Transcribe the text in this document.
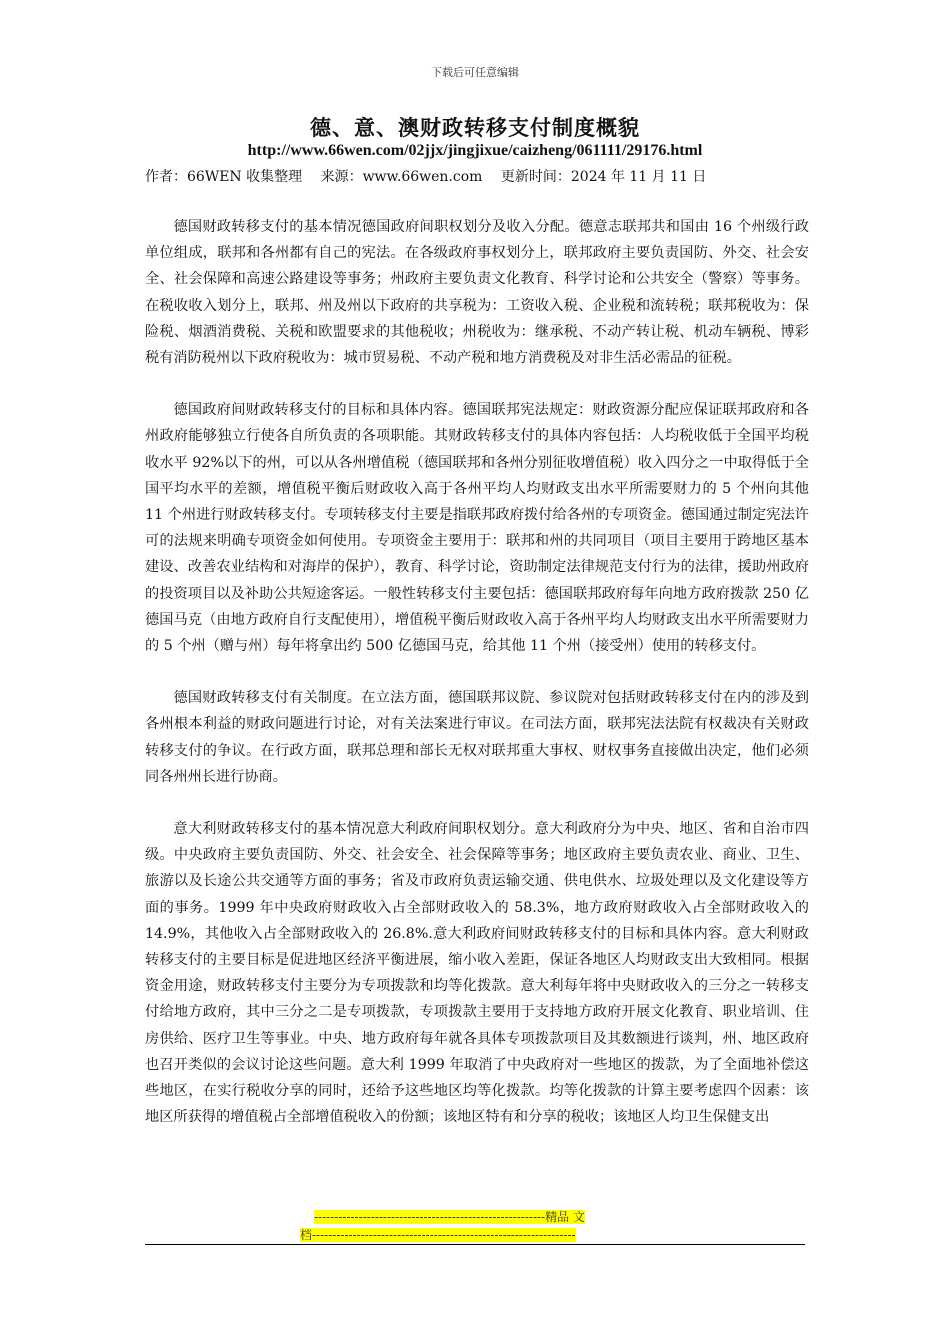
下载后可任意编辑
德、意、澳财政转移支付制度概貌
http://www.66wen.com/02jjx/jingjixue/caizheng/061111/29176.html
作者：66WEN 收集整理 来源：www.66wen.com 更新时间：2024 年 11 月 11 日

德国财政转移支付的基本情况德国政府间职权划分及收入分配。德意志联邦共和国由 16 个州级行政单位组成，联邦和各州都有自己的宪法。在各级政府事权划分上，联邦政府主要负责国防、外交、社会安全、社会保障和高速公路建设等事务；州政府主要负责文化教育、科学讨论和公共安全（警察）等事务。在税收收入划分上，联邦、州及州以下政府的共享税为：工资收入税、企业税和流转税；联邦税收为：保险税、烟酒消费税、关税和欧盟要求的其他税收；州税收为：继承税、不动产转让税、机动车辆税、博彩税有消防税州以下政府税收为：城市贸易税、不动产税和地方消费税及对非生活必需品的征税。

德国政府间财政转移支付的目标和具体内容。德国联邦宪法规定：财政资源分配应保证联邦政府和各州政府能够独立行使各自所负责的各项职能。其财政转移支付的具体内容包括：人均税收低于全国平均税收水平 92%以下的州，可以从各州增值税（德国联邦和各州分别征收增值税）收入四分之一中取得低于全国平均水平的差额，增值税平衡后财政收入高于各州平均人均财政支出水平所需要财力的 5 个州向其他 11 个州进行财政转移支付。专项转移支付主要是指联邦政府拨付给各州的专项资金。德国通过制定宪法许可的法规来明确专项资金如何使用。专项资金主要用于：联邦和州的共同项目（项目主要用于跨地区基本建设、改善农业结构和对海岸的保护），教育、科学讨论，资助制定法律规范支付行为的法律，援助州政府的投资项目以及补助公共短途客运。一般性转移支付主要包括：德国联邦政府每年向地方政府拨款 250 亿德国马克（由地方政府自行支配使用），增值税平衡后财政收入高于各州平均人均财政支出水平所需要财力的 5 个州（赠与州）每年将拿出约 500 亿德国马克，给其他 11 个州（接受州）使用的转移支付。

德国财政转移支付有关制度。在立法方面，德国联邦议院、参议院对包括财政转移支付在内的涉及到各州根本利益的财政问题进行讨论，对有关法案进行审议。在司法方面，联邦宪法法院有权裁决有关财政转移支付的争议。在行政方面，联邦总理和部长无权对联邦重大事权、财权事务直接做出决定，他们必须同各州州长进行协商。

意大利财政转移支付的基本情况意大利政府间职权划分。意大利政府分为中央、地区、省和自治市四级。中央政府主要负责国防、外交、社会安全、社会保障等事务；地区政府主要负责农业、商业、卫生、旅游以及长途公共交通等方面的事务；省及市政府负责运输交通、供电供水、垃圾处理以及文化建设等方面的事务。1999 年中央政府财政收入占全部财政收入的 58.3%，地方政府财政收入占全部财政收入的 14.9%，其他收入占全部财政收入的 26.8%.意大利政府间财政转移支付的目标和具体内容。意大利财政转移支付的主要目标是促进地区经济平衡进展，缩小收入差距，保证各地区人均财政支出大致相同。根据资金用途，财政转移支付主要分为专项拨款和均等化拨款。意大利每年将中央财政收入的三分之一转移支付给地方政府，其中三分之二是专项拨款，专项拨款主要用于支持地方政府开展文化教育、职业培训、住房供给、医疗卫生等事业。中央、地方政府每年就各具体专项拨款项目及其数额进行谈判，州、地区政府也召开类似的会议讨论这些问题。意大利 1999 年取消了中央政府对一些地区的拨款，为了全面地补偿这些地区，在实行税收分享的同时，还给予这些地区均等化拨款。均等化拨款的计算主要考虑四个因素：该地区所获得的增值税占全部增值税收入的份额；该地区特有和分享的税收；该地区人均卫生保健支出

---------------------------------------------------------精品 文
档-----------------------------------------------------------------
